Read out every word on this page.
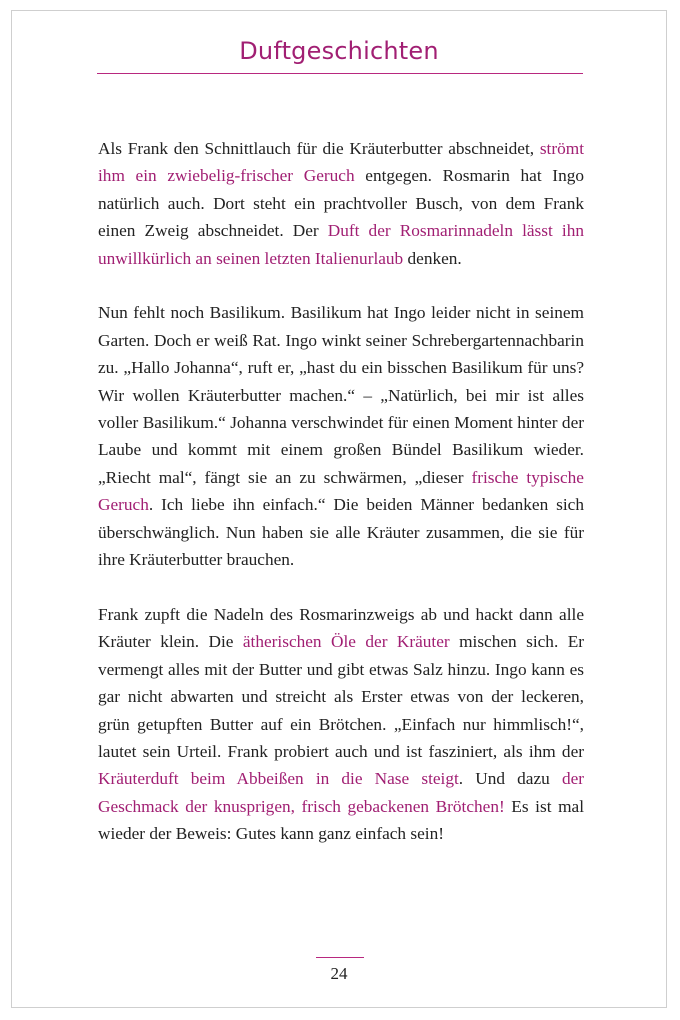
Duftgeschichten

Als Frank den Schnittlauch für die Kräuterbutter abschneidet, strömt ihm ein zwiebelig-frischer Geruch entgegen. Rosmarin hat Ingo natürlich auch. Dort steht ein prachtvoller Busch, von dem Frank einen Zweig abschneidet. Der Duft der Rosmarinnadeln lässt ihn unwillkürlich an seinen letzten Italienurlaub denken.

Nun fehlt noch Basilikum. Basilikum hat Ingo leider nicht in seinem Garten. Doch er weiß Rat. Ingo winkt seiner Schrebergartennachbarin zu. „Hallo Johanna“, ruft er, „hast du ein bisschen Basilikum für uns? Wir wollen Kräuterbutter machen.“ – „Natürlich, bei mir ist alles voller Basilikum.“ Johanna verschwindet für einen Moment hinter der Laube und kommt mit einem großen Bündel Basilikum wieder. „Riecht mal“, fängt sie an zu schwärmen, „dieser frische typische Geruch. Ich liebe ihn einfach.“ Die beiden Männer bedanken sich überschwänglich. Nun haben sie alle Kräuter zusammen, die sie für ihre Kräuterbutter brauchen.

Frank zupft die Nadeln des Rosmarinzweigs ab und hackt dann alle Kräuter klein. Die ätherischen Öle der Kräuter mischen sich. Er vermengt alles mit der Butter und gibt etwas Salz hinzu. Ingo kann es gar nicht abwarten und streicht als Erster etwas von der leckeren, grün getupften Butter auf ein Brötchen. „Einfach nur himmlisch!“, lautet sein Urteil. Frank probiert auch und ist fasziniert, als ihm der Kräuterduft beim Abbeißen in die Nase steigt. Und dazu der Geschmack der knusprigen, frisch gebackenen Brötchen! Es ist mal wieder der Beweis: Gutes kann ganz einfach sein!

24
